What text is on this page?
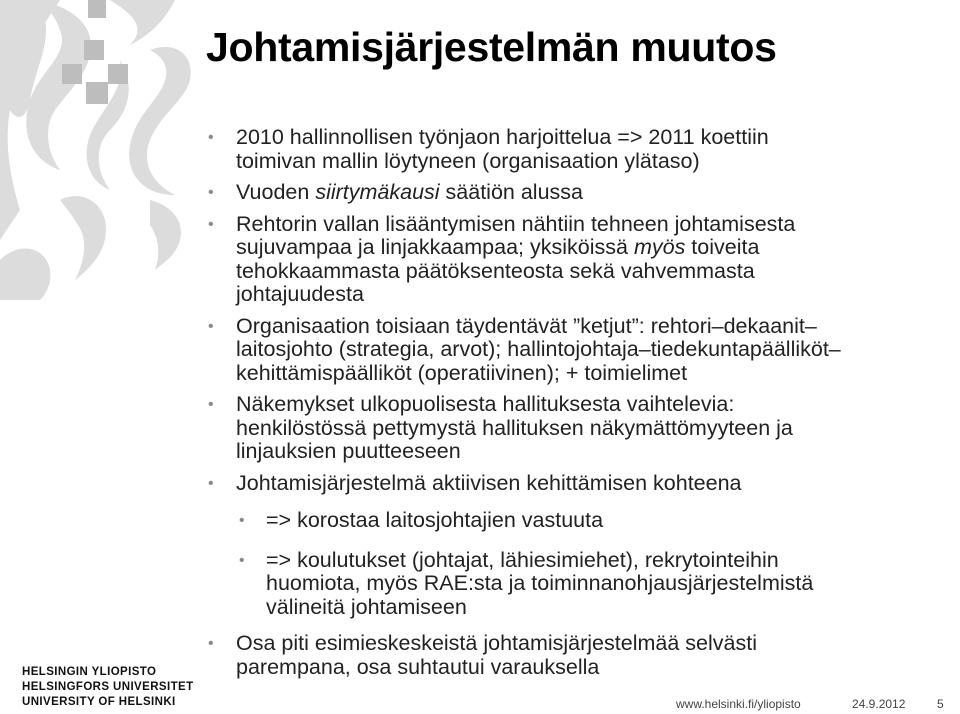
Johtamisjärjestelmän muutos
• 2010 hallinnollisen työnjaon harjoittelua => 2011 koettiin
toimivan mallin löytyneen (organisaation ylätaso)
• Vuoden siirtymäkausi säätiön alussa
• Rehtorin vallan lisääntymisen nähtiin tehneen johtamisesta
sujuvampaa ja linjakkaampaa; yksiköissä myös toiveita
tehokkaammasta päätöksenteosta sekä vahvemmasta
johtajuudesta
• Organisaation toisiaan täydentävät ”ketjut”: rehtori–dekaanit–
laitosjohto (strategia, arvot); hallintojohtaja–tiedekuntapäälliköt–
kehittämispäälliköt (operatiivinen); + toimielimet
• Näkemykset ulkopuolisesta hallituksesta vaihtelevia:
henkilöstössä pettymystä hallituksen näkymättömyyteen ja
linjauksien puutteeseen
• Johtamisjärjestelmä aktiivisen kehittämisen kohteena
• => korostaa laitosjohtajien vastuuta
• => koulutukset (johtajat, lähiesimiehet), rekrytointeihin
huomiota, myös RAE:sta ja toiminnanohjausjärjestelmistä
välineitä johtamiseen
• Osa piti esimieskeskeistä johtamisjärjestelmää selvästi
parempana, osa suhtautui varauksella
HELSINGIN YLIOPISTO
HELSINGFORS UNIVERSITET
UNIVERSITY OF HELSINKI	www.helsinki.fi/yliopisto	24.9.2012	5
